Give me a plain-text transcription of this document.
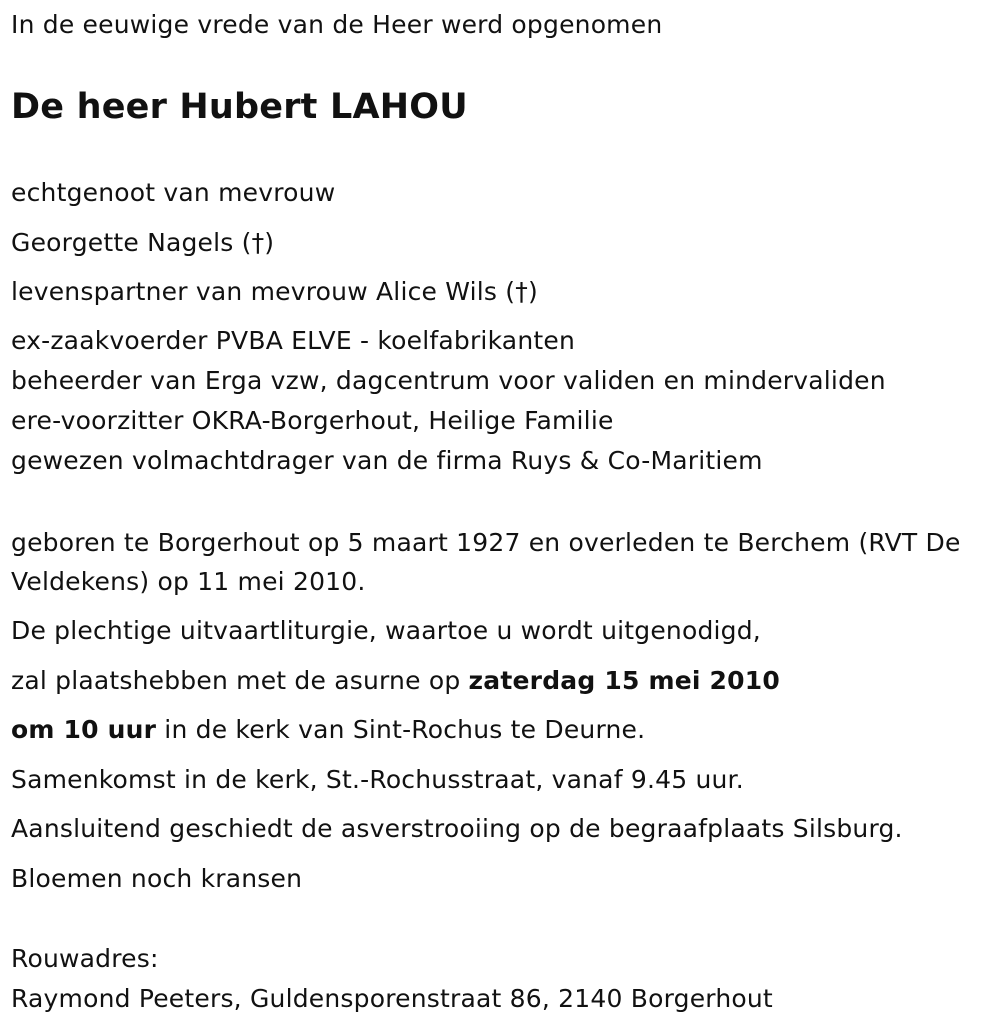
In de eeuwige vrede van de Heer werd opgenomen
De heer Hubert LAHOU
echtgenoot van mevrouw
Georgette Nagels (†)
levenspartner van mevrouw Alice Wils (†)
ex-zaakvoerder PVBA ELVE - koelfabrikanten
beheerder van Erga vzw, dagcentrum voor validen en mindervaliden
ere-voorzitter OKRA-Borgerhout, Heilige Familie
gewezen volmachtdrager van de firma Ruys & Co-Maritiem
geboren te Borgerhout op 5 maart 1927 en overleden te Berchem (RVT De Veldekens) op 11 mei 2010.
De plechtige uitvaartliturgie, waartoe u wordt uitgenodigd,
zal plaatshebben met de asurne op zaterdag 15 mei 2010
om 10 uur in de kerk van Sint-Rochus te Deurne.
Samenkomst in de kerk, St.-Rochusstraat, vanaf 9.45 uur.
Aansluitend geschiedt de asverstrooiing op de begraafplaats Silsburg.
Bloemen noch kransen
Rouwadres:
Raymond Peeters, Guldensporenstraat 86, 2140 Borgerhout
